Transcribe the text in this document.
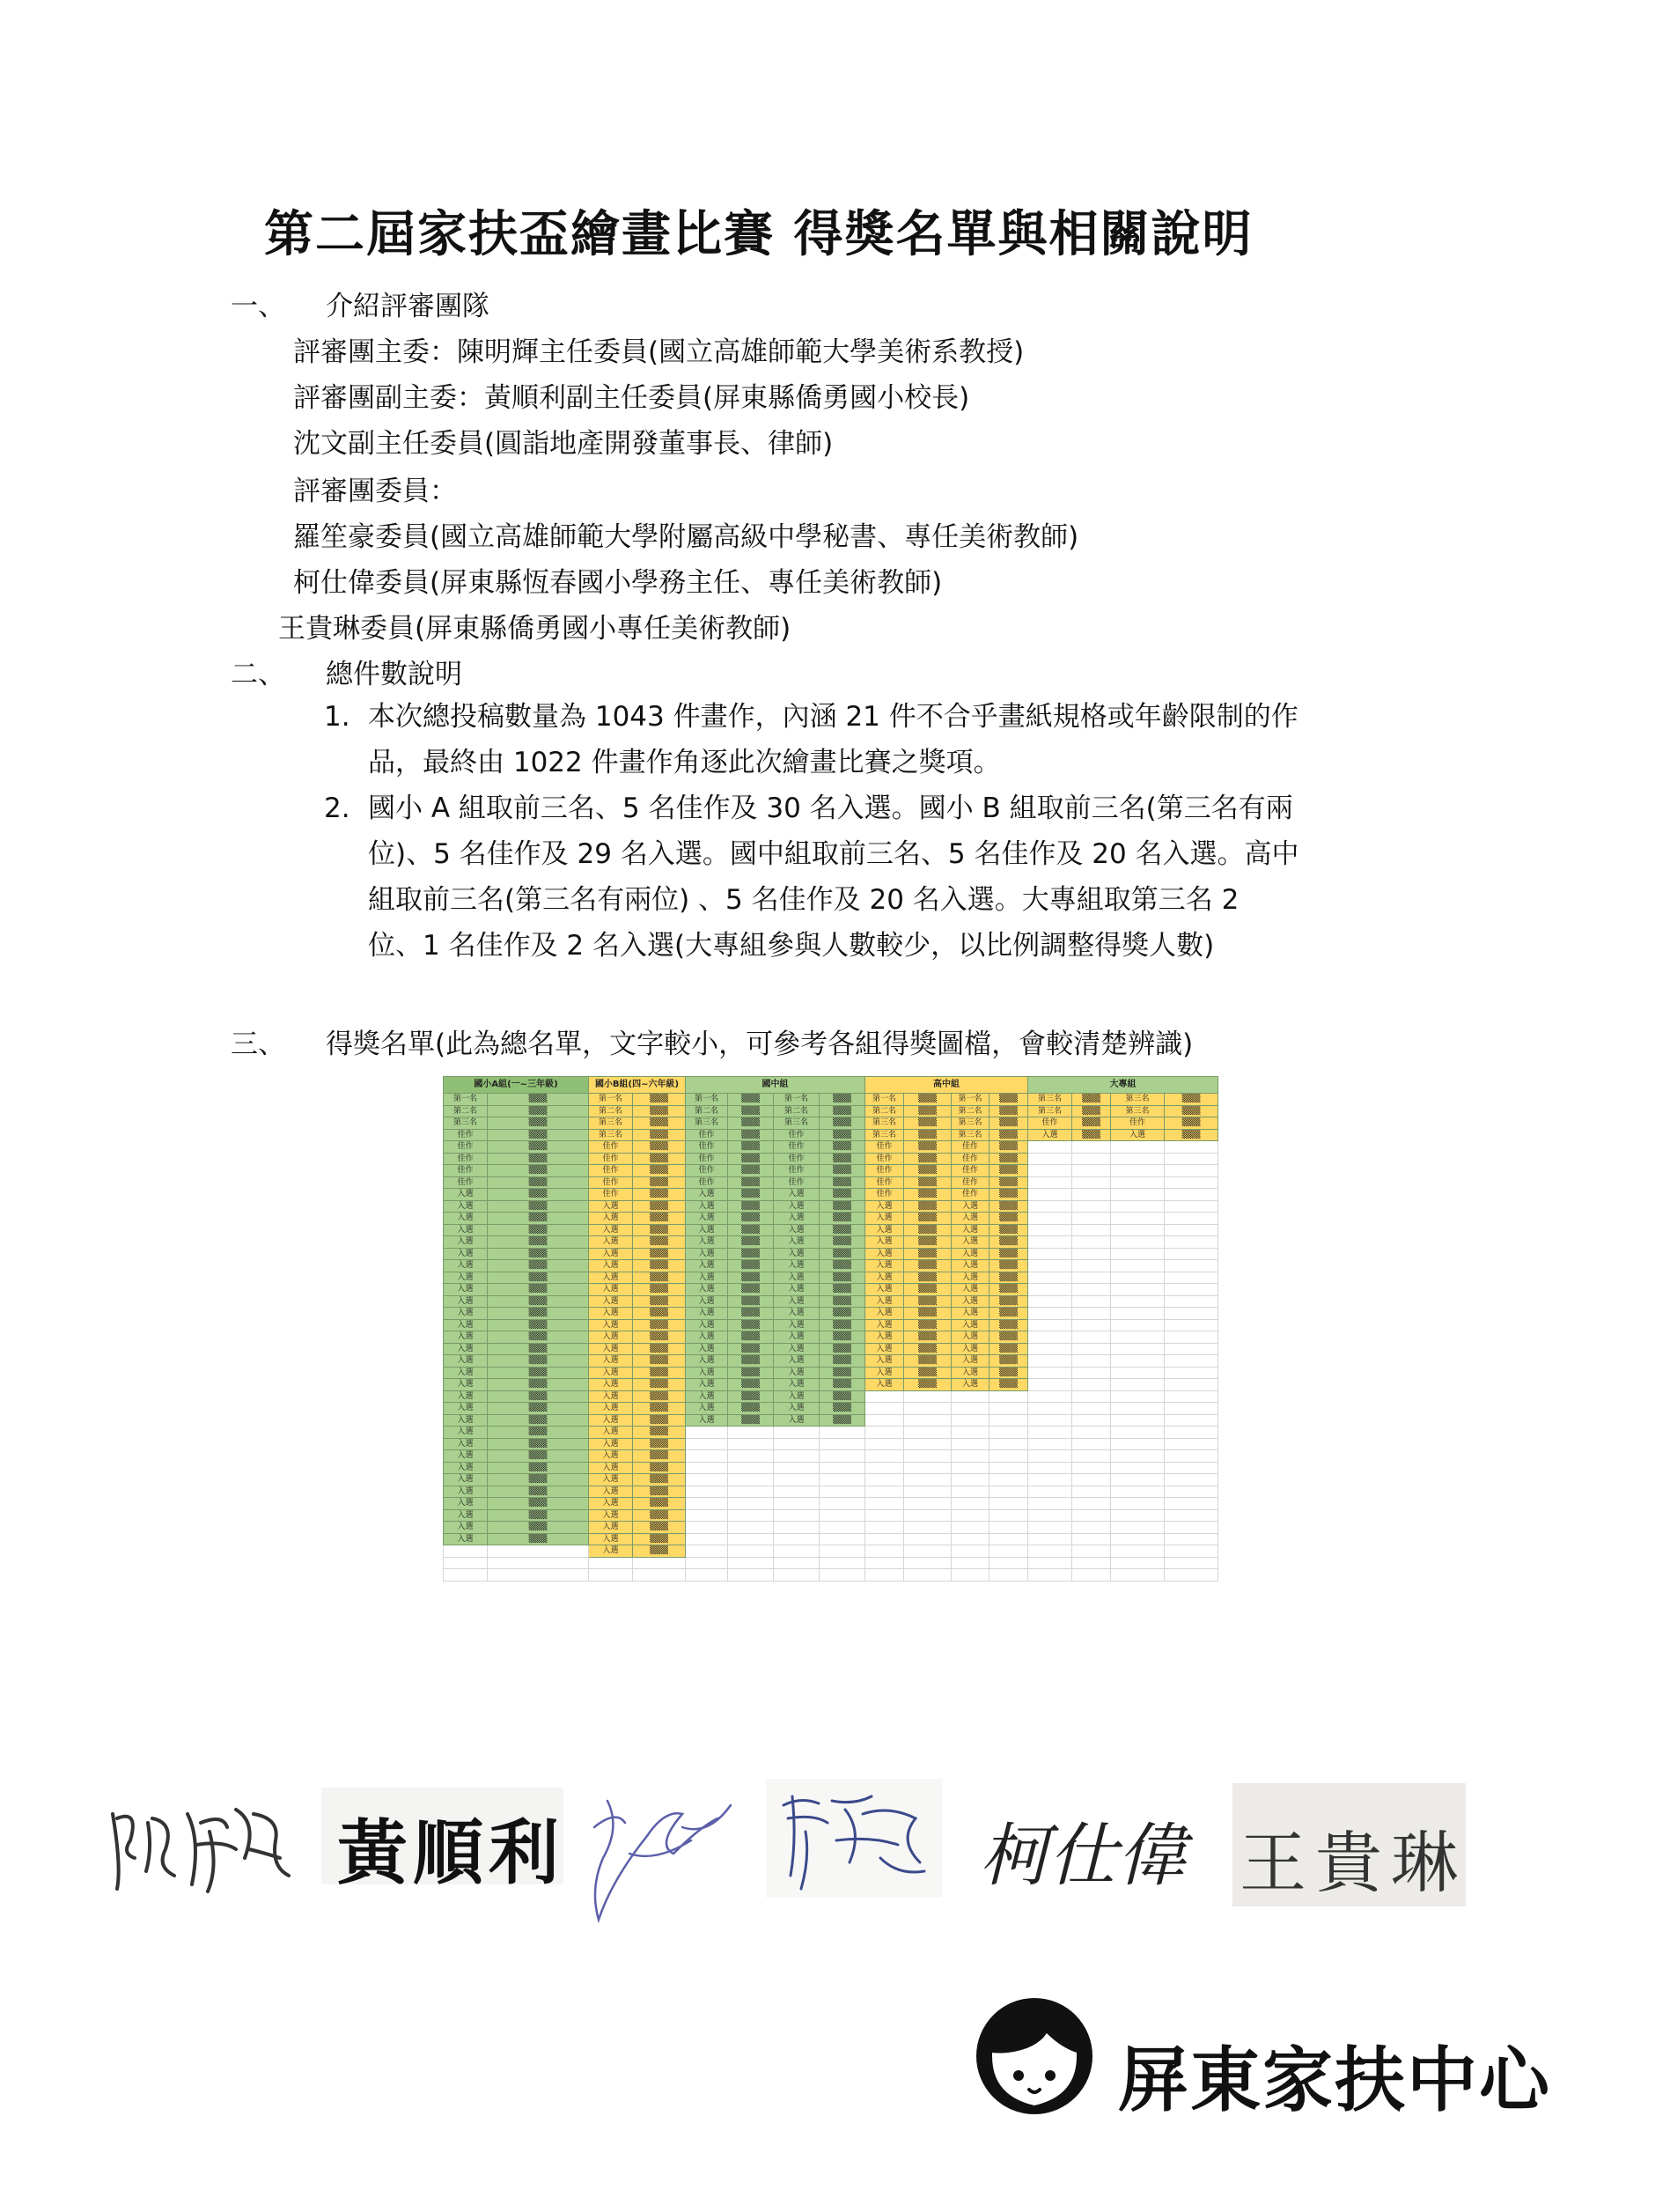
第二屆家扶盃繪畫比賽 得獎名單與相關說明
一、 介紹評審團隊
評審團主委：陳明輝主任委員(國立高雄師範大學美術系教授)
評審團副主委：黃順利副主任委員(屏東縣僑勇國小校長)
沈文副主任委員(圓詣地產開發董事長、律師)
評審團委員：
羅笙豪委員(國立高雄師範大學附屬高級中學秘書、專任美術教師)
柯仕偉委員(屏東縣恆春國小學務主任、專任美術教師)
王貴琳委員(屏東縣僑勇國小專任美術教師)
二、 總件數說明
1. 本次總投稿數量為 1043 件畫作，內涵 21 件不合乎畫紙規格或年齡限制的作品，最終由 1022 件畫作角逐此次繪畫比賽之獎項。
2. 國小 A 組取前三名、5 名佳作及 30 名入選。國小 B 組取前三名(第三名有兩位)、5 名佳作及 29 名入選。國中組取前三名、5 名佳作及 20 名入選。高中組取前三名(第三名有兩位) 、5 名佳作及 20 名入選。大專組取第三名 2 位、1 名佳作及 2 名入選(大專組參與人數較少，以比例調整得獎人數)
三、 得獎名單(此為總名單，文字較小，可參考各組得獎圖檔，會較清楚辨識)
國小A組(一~三年級)		國小B組(四~六年級)		國中組				高中組				大專組			
第一名	▒▒▒	第一名	▒▒▒	第一名	▒▒▒	第一名	▒▒▒	第一名	▒▒▒	第一名	▒▒▒	第三名	▒▒▒	第三名	▒▒▒
第二名	▒▒▒	第二名	▒▒▒	第二名	▒▒▒	第二名	▒▒▒	第二名	▒▒▒	第二名	▒▒▒	第三名	▒▒▒	第三名	▒▒▒
第三名	▒▒▒	第三名	▒▒▒	第三名	▒▒▒	第三名	▒▒▒	第三名	▒▒▒	第三名	▒▒▒	佳作	▒▒▒	佳作	▒▒▒
佳作	▒▒▒	第三名	▒▒▒	佳作	▒▒▒	佳作	▒▒▒	第三名	▒▒▒	第三名	▒▒▒	入選	▒▒▒	入選	▒▒▒
佳作	▒▒▒	佳作	▒▒▒	佳作	▒▒▒	佳作	▒▒▒	佳作	▒▒▒	佳作	▒▒▒				
佳作	▒▒▒	佳作	▒▒▒	佳作	▒▒▒	佳作	▒▒▒	佳作	▒▒▒	佳作	▒▒▒				
佳作	▒▒▒	佳作	▒▒▒	佳作	▒▒▒	佳作	▒▒▒	佳作	▒▒▒	佳作	▒▒▒				
佳作	▒▒▒	佳作	▒▒▒	佳作	▒▒▒	佳作	▒▒▒	佳作	▒▒▒	佳作	▒▒▒				
入選	▒▒▒	佳作	▒▒▒	入選	▒▒▒	入選	▒▒▒	佳作	▒▒▒	佳作	▒▒▒				
入選	▒▒▒	入選	▒▒▒	入選	▒▒▒	入選	▒▒▒	入選	▒▒▒	入選	▒▒▒				
入選	▒▒▒	入選	▒▒▒	入選	▒▒▒	入選	▒▒▒	入選	▒▒▒	入選	▒▒▒				
入選	▒▒▒	入選	▒▒▒	入選	▒▒▒	入選	▒▒▒	入選	▒▒▒	入選	▒▒▒				
入選	▒▒▒	入選	▒▒▒	入選	▒▒▒	入選	▒▒▒	入選	▒▒▒	入選	▒▒▒				
入選	▒▒▒	入選	▒▒▒	入選	▒▒▒	入選	▒▒▒	入選	▒▒▒	入選	▒▒▒				
入選	▒▒▒	入選	▒▒▒	入選	▒▒▒	入選	▒▒▒	入選	▒▒▒	入選	▒▒▒				
入選	▒▒▒	入選	▒▒▒	入選	▒▒▒	入選	▒▒▒	入選	▒▒▒	入選	▒▒▒				
入選	▒▒▒	入選	▒▒▒	入選	▒▒▒	入選	▒▒▒	入選	▒▒▒	入選	▒▒▒				
入選	▒▒▒	入選	▒▒▒	入選	▒▒▒	入選	▒▒▒	入選	▒▒▒	入選	▒▒▒				
入選	▒▒▒	入選	▒▒▒	入選	▒▒▒	入選	▒▒▒	入選	▒▒▒	入選	▒▒▒				
入選	▒▒▒	入選	▒▒▒	入選	▒▒▒	入選	▒▒▒	入選	▒▒▒	入選	▒▒▒				
入選	▒▒▒	入選	▒▒▒	入選	▒▒▒	入選	▒▒▒	入選	▒▒▒	入選	▒▒▒				
入選	▒▒▒	入選	▒▒▒	入選	▒▒▒	入選	▒▒▒	入選	▒▒▒	入選	▒▒▒				
入選	▒▒▒	入選	▒▒▒	入選	▒▒▒	入選	▒▒▒	入選	▒▒▒	入選	▒▒▒				
入選	▒▒▒	入選	▒▒▒	入選	▒▒▒	入選	▒▒▒	入選	▒▒▒	入選	▒▒▒				
入選	▒▒▒	入選	▒▒▒	入選	▒▒▒	入選	▒▒▒	入選	▒▒▒	入選	▒▒▒				
入選	▒▒▒	入選	▒▒▒	入選	▒▒▒	入選	▒▒▒								
入選	▒▒▒	入選	▒▒▒	入選	▒▒▒	入選	▒▒▒								
入選	▒▒▒	入選	▒▒▒	入選	▒▒▒	入選	▒▒▒								
入選	▒▒▒	入選	▒▒▒												
入選	▒▒▒	入選	▒▒▒												
入選	▒▒▒	入選	▒▒▒												
入選	▒▒▒	入選	▒▒▒												
入選	▒▒▒	入選	▒▒▒												
入選	▒▒▒	入選	▒▒▒												
入選	▒▒▒	入選	▒▒▒												
入選	▒▒▒	入選	▒▒▒												
入選	▒▒▒	入選	▒▒▒												
入選	▒▒▒	入選	▒▒▒												
		入選	▒▒▒												

黃順利	柯仕偉 王貴琳
屏東家扶中心
